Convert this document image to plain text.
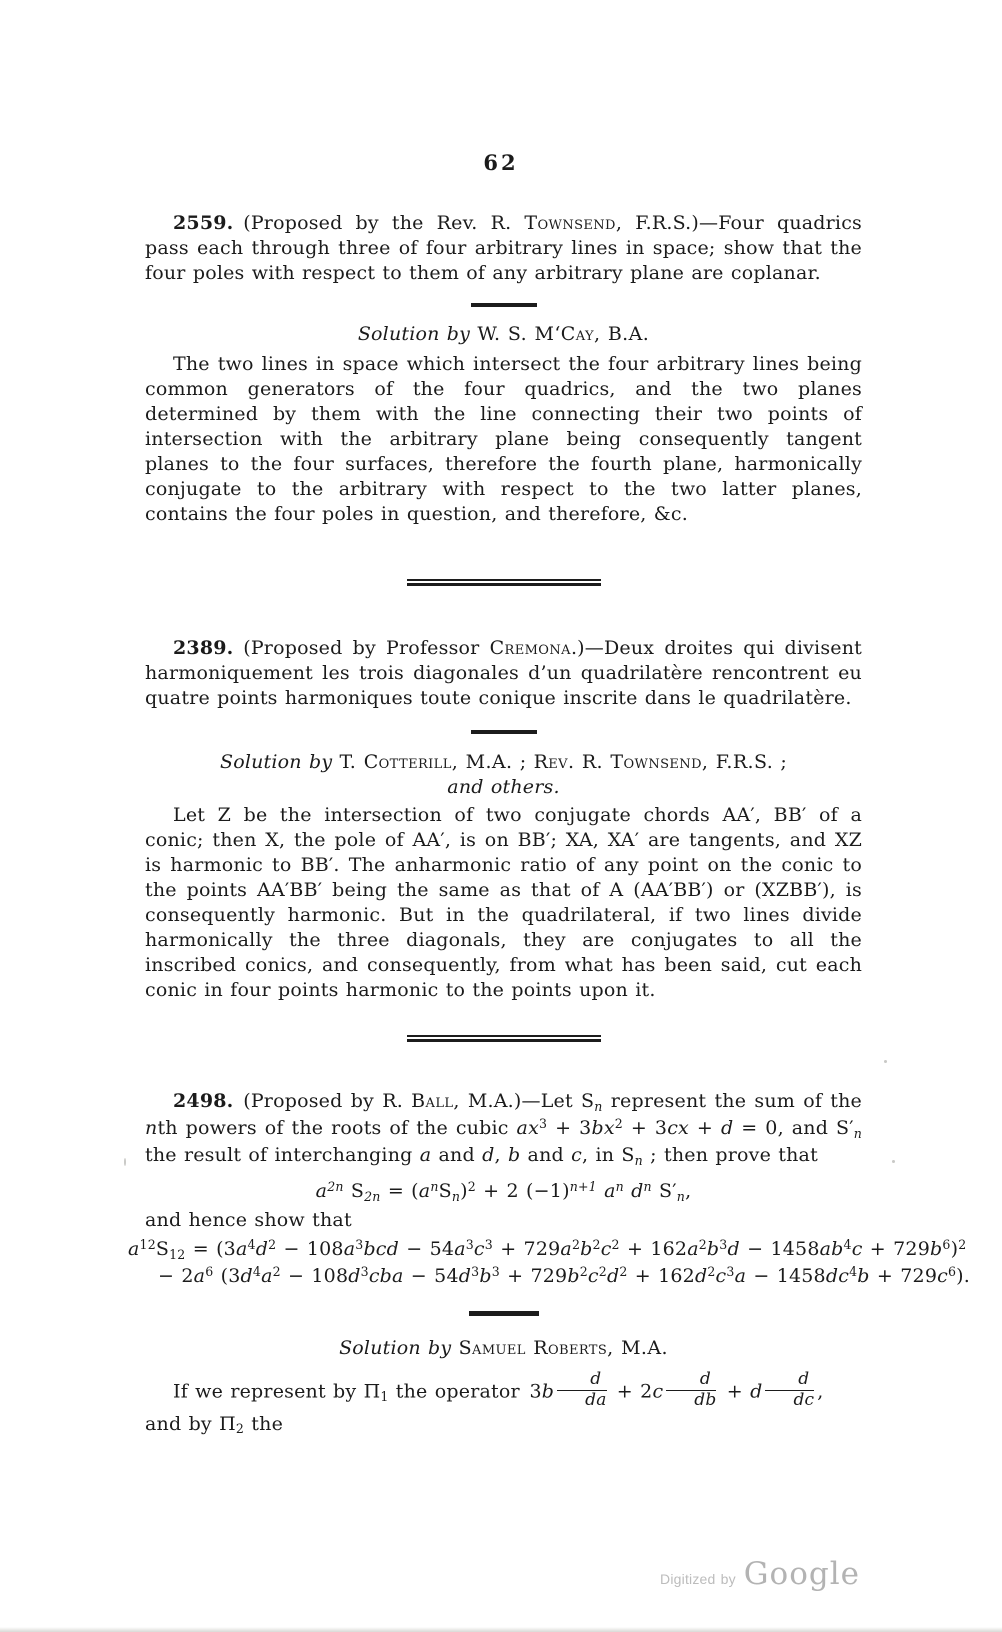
62

2559. (Proposed by the Rev. R. Townsend, F.R.S.)—Four quadrics pass each through three of four arbitrary lines in space; show that the four poles with respect to them of any arbitrary plane are coplanar.

Solution by W. S. M‘Cay, B.A.

The two lines in space which intersect the four arbitrary lines being common generators of the four quadrics, and the two planes determined by them with the line connecting their two points of intersection with the arbitrary plane being consequently tangent planes to the four surfaces, therefore the fourth plane, harmonically conjugate to the arbitrary with respect to the two latter planes, contains the four poles in question, and therefore, &c.

2389. (Proposed by Professor Cremona.)—Deux droites qui divisent harmoniquement les trois diagonales d’un quadrilatère rencontrent eu quatre points harmoniques toute conique inscrite dans le quadrilatère.

Solution by T. Cotterill, M.A. ; Rev. R. Townsend, F.R.S. ;

and others.

Let Z be the intersection of two conjugate chords AA′, BB′ of a conic; then X, the pole of AA′, is on BB′; XA, XA′ are tangents, and XZ is harmonic to BB′. The anharmonic ratio of any point on the conic to the points AA′BB′ being the same as that of A (AA′BB′) or (XZBB′), is consequently harmonic. But in the quadrilateral, if two lines divide harmonically the three diagonals, they are conjugates to all the inscribed conics, and consequently, from what has been said, cut each conic in four points harmonic to the points upon it.

2498. (Proposed by R. Ball, M.A.)—Let $S_n$ represent the sum of the nth powers of the roots of the cubic $ax^3 + 3bx^2 + 3cx + d = 0$, and $S'_n$ the result of interchanging a and d, b and c, in $S_n$ ; then prove that

$a^{2n}$ $S_{2n} = (a^nS_n)^2 + 2$ $(-1)^{n+1}$ $a^n$ $d^n$ $S'_n$,

and hence show that

$a^{12}S_{12} = (3a^4d^2 - 108a^3bcd - 54a^3c^3 + 729a^2b^2c^2 + 162a^2b^3d - 1458ab^4c + 729b^6)^2$

− $2a^6$ $(3d^4a^2 - 108d^3cba - 54d^3b^3 + 729b^2c^2d^2 + 162d^2c^3a - 1458dc^4b + 729c^6)$.

Solution by Samuel Roberts, M.A.

If we represent by $\Pi_1$ the operator $3b \frac{d}{da} + 2c \frac{d}{db} + d \frac{d}{dc}$ , and by $\Pi_2$ the

Digitized by Google
